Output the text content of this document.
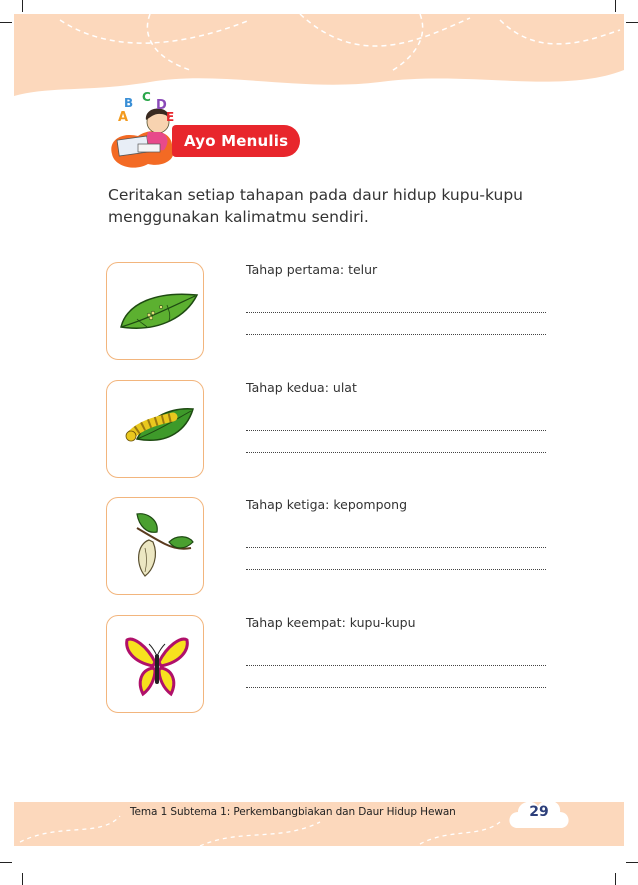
A
B C
D
E
Ayo Menulis
Ceritakan setiap tahapan pada daur hidup kupu-kupu menggunakan kalimatmu sendiri.
Tahap pertama: telur
Tahap kedua: ulat
Tahap ketiga: kepompong
Tahap keempat: kupu-kupu
Tema 1 Subtema 1: Perkembangbiakan dan Daur Hidup Hewan	29
